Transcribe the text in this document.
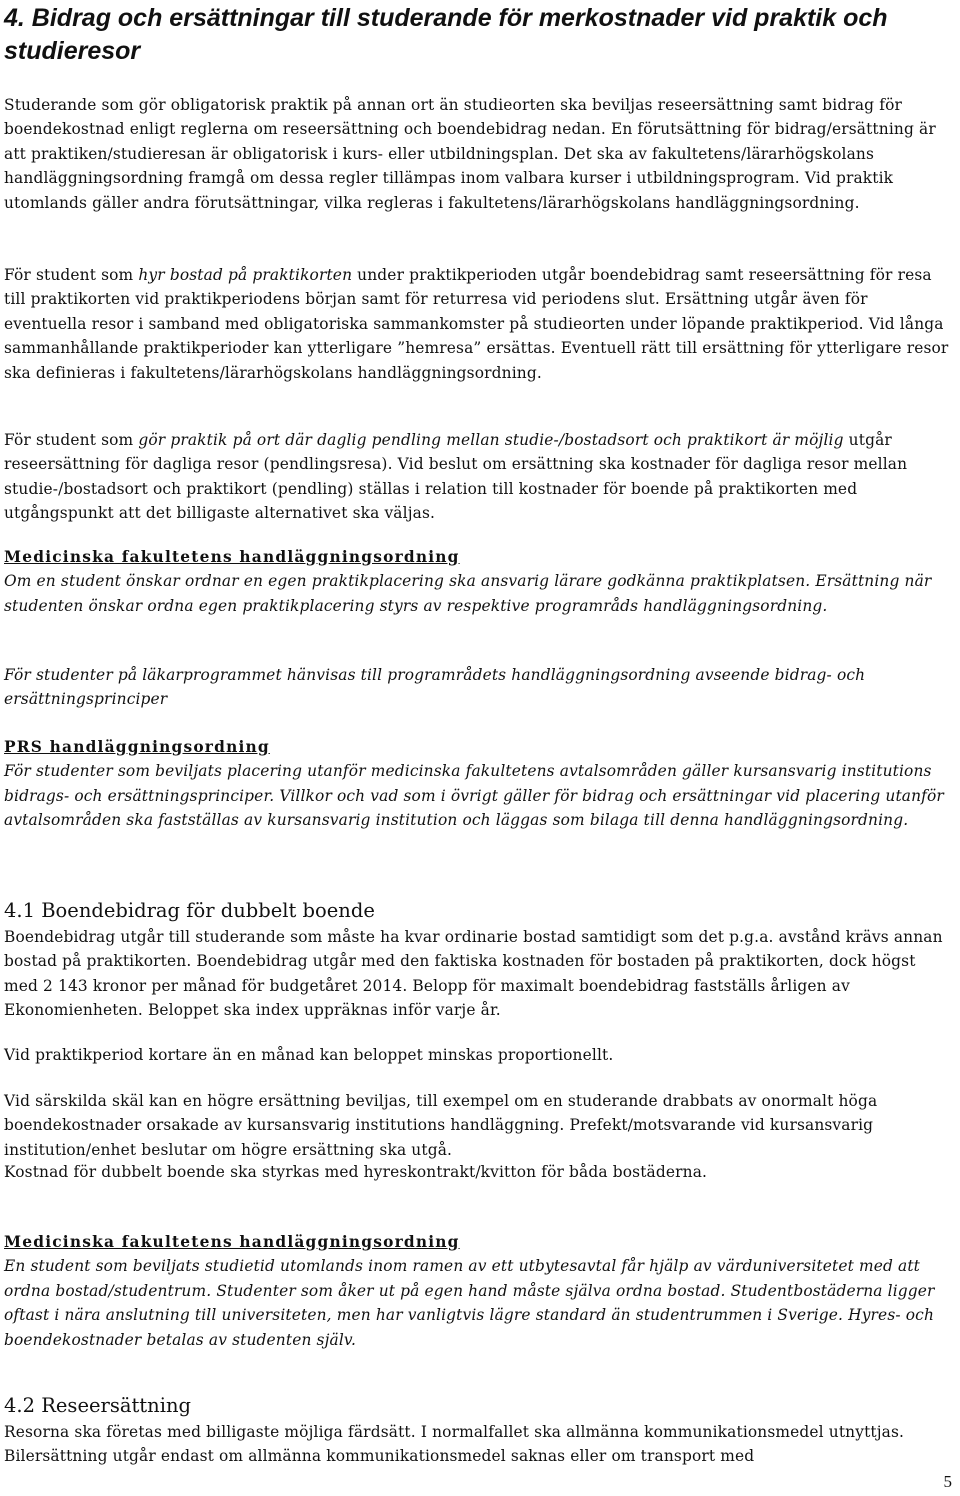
4. Bidrag och ersättningar till studerande för merkostnader vid praktik och studieresor

Studerande som gör obligatorisk praktik på annan ort än studieorten ska beviljas reseersättning samt bidrag för boendekostnad enligt reglerna om reseersättning och boendebidrag nedan. En förutsättning för bidrag/ersättning är att praktiken/studieresan är obligatorisk i kurs- eller utbildningsplan. Det ska av fakultetens/lärarhögskolans handläggningsordning framgå om dessa regler tillämpas inom valbara kurser i utbildningsprogram. Vid praktik utomlands gäller andra förutsättningar, vilka regleras i fakultetens/lärarhögskolans handläggningsordning.

För student som hyr bostad på praktikorten under praktikperioden utgår boendebidrag samt reseersättning för resa till praktikorten vid praktikperiodens början samt för returresa vid periodens slut. Ersättning utgår även för eventuella resor i samband med obligatoriska sammankomster på studieorten under löpande praktikperiod. Vid långa sammanhållande praktikperioder kan ytterligare ”hemresa” ersättas. Eventuell rätt till ersättning för ytterligare resor ska definieras i fakultetens/lärarhögskolans handläggningsordning.

För student som gör praktik på ort där daglig pendling mellan studie-/bostadsort och praktikort är möjlig utgår reseersättning för dagliga resor (pendlingsresa). Vid beslut om ersättning ska kostnader för dagliga resor mellan studie-/bostadsort och praktikort (pendling) ställas i relation till kostnader för boende på praktikorten med utgångspunkt att det billigaste alternativet ska väljas.

Medicinska fakultetens handläggningsordning
Om en student önskar ordnar en egen praktikplacering ska ansvarig lärare godkänna praktikplatsen. Ersättning när studenten önskar ordna egen praktikplacering styrs av respektive programråds handläggningsordning.

För studenter på läkarprogrammet hänvisas till programrådets handläggningsordning avseende bidrag- och ersättningsprinciper

PRS handläggningsordning
För studenter som beviljats placering utanför medicinska fakultetens avtalsområden gäller kursansvarig institutions bidrags- och ersättningsprinciper. Villkor och vad som i övrigt gäller för bidrag och ersättningar vid placering utanför avtalsområden ska fastställas av kursansvarig institution och läggas som bilaga till denna handläggningsordning.

4.1 Boendebidrag för dubbelt boende

Boendebidrag utgår till studerande som måste ha kvar ordinarie bostad samtidigt som det p.g.a. avstånd krävs annan bostad på praktikorten. Boendebidrag utgår med den faktiska kostnaden för bostaden på praktikorten, dock högst med 2 143 kronor per månad för budgetåret 2014. Belopp för maximalt boendebidrag fastställs årligen av Ekonomienheten. Beloppet ska index uppräknas inför varje år.

Vid praktikperiod kortare än en månad kan beloppet minskas proportionellt.

Vid särskilda skäl kan en högre ersättning beviljas, till exempel om en studerande drabbats av onormalt höga boendekostnader orsakade av kursansvarig institutions handläggning. Prefekt/motsvarande vid kursansvarig institution/enhet beslutar om högre ersättning ska utgå.

Kostnad för dubbelt boende ska styrkas med hyreskontrakt/kvitton för båda bostäderna.

Medicinska fakultetens handläggningsordning
En student som beviljats studietid utomlands inom ramen av ett utbytesavtal får hjälp av värduniversitetet med att ordna bostad/studentrum. Studenter som åker ut på egen hand måste själva ordna bostad. Studentbostäderna ligger oftast i nära anslutning till universiteten, men har vanligtvis lägre standard än studentrummen i Sverige. Hyres- och boendekostnader betalas av studenten själv.

4.2 Reseersättning

Resorna ska företas med billigaste möjliga färdsätt. I normalfallet ska allmänna kommunikationsmedel utnyttjas. Bilersättning utgår endast om allmänna kommunikationsmedel saknas eller om transport med

5
